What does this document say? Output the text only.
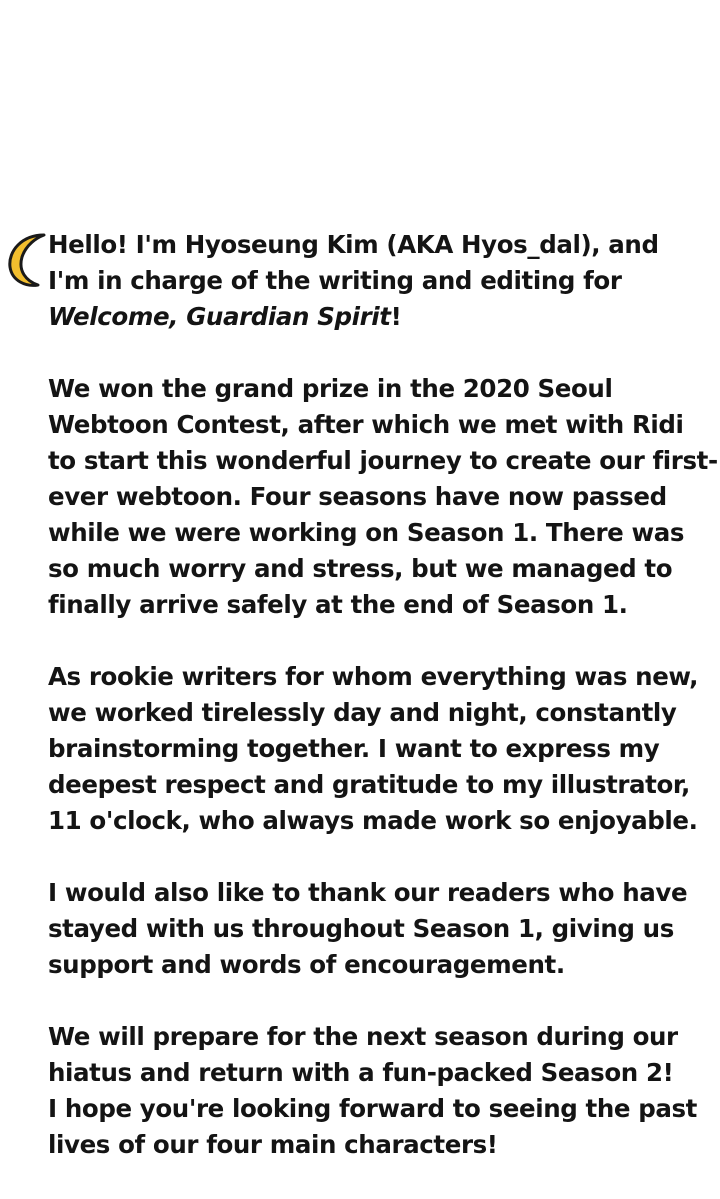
Hello! I'm Hyoseung Kim (AKA Hyos_dal), and
I'm in charge of the writing and editing for
Welcome, Guardian Spirit!

We won the grand prize in the 2020 Seoul
Webtoon Contest, after which we met with Ridi
to start this wonderful journey to create our first-
ever webtoon. Four seasons have now passed
while we were working on Season 1. There was
so much worry and stress, but we managed to
finally arrive safely at the end of Season 1.

As rookie writers for whom everything was new,
we worked tirelessly day and night, constantly
brainstorming together. I want to express my
deepest respect and gratitude to my illustrator,
11 o'clock, who always made work so enjoyable.

I would also like to thank our readers who have
stayed with us throughout Season 1, giving us
support and words of encouragement.

We will prepare for the next season during our
hiatus and return with a fun-packed Season 2!
I hope you're looking forward to seeing the past
lives of our four main characters!
